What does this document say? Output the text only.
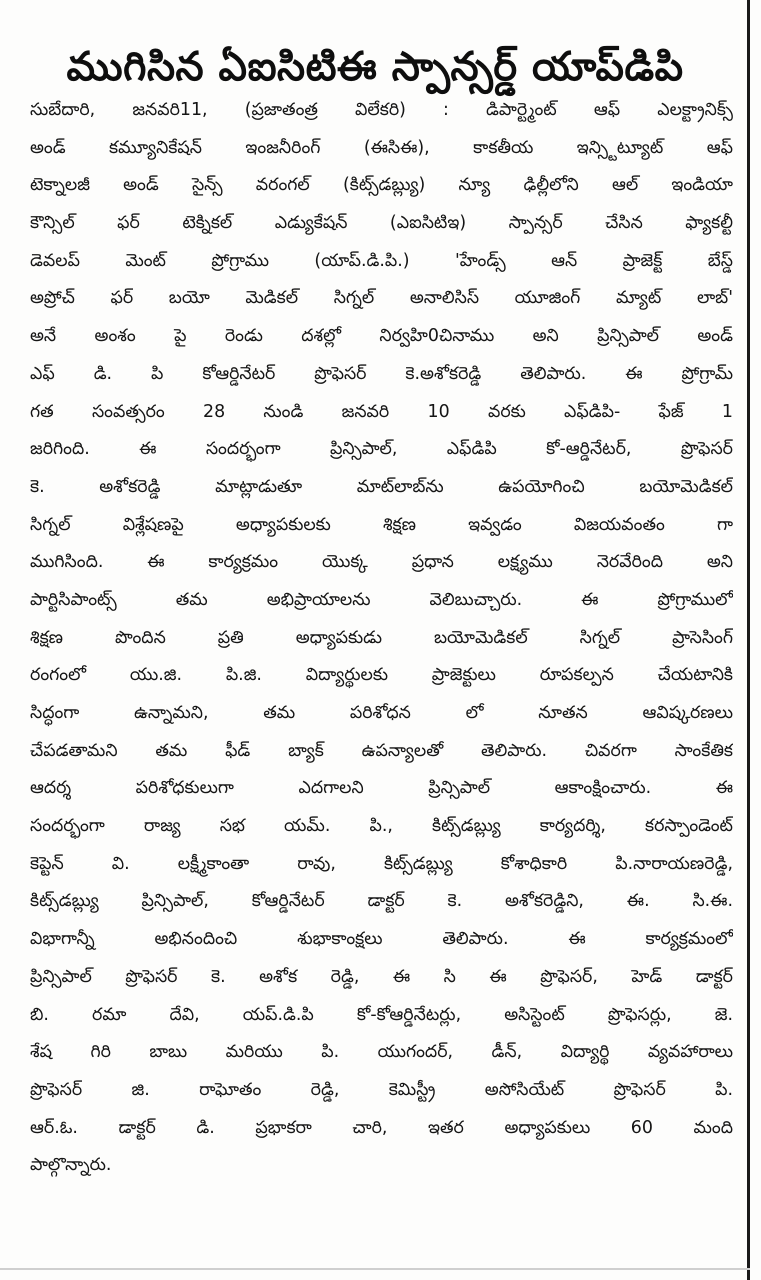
ముగిసిన ఏఐసిటిఈ స్పాన్సర్డ్ యాప్‌డిపి
సుబేదారి, జనవరి11, (ప్రజాతంత్ర విలేకరి) : డిపార్ట్మెంట్ ఆఫ్ ఎలక్ట్రానిక్స్
అండ్ కమ్యూనికేషన్ ఇంజనీరింగ్ (ఈసిఈ), కాకతీయ ఇన్స్టిట్యూట్ ఆఫ్
టెక్నాలజీ అండ్ సైన్స్ వరంగల్ (కిట్స్‌డబ్ల్యు) న్యూ ఢిల్లీలోని ఆల్ ఇండియా
కౌన్సిల్ ఫర్ టెక్నికల్ ఎడ్యుకేషన్ (ఎఐసిటిఇ) స్పాన్సర్ చేసిన ఫ్యాకల్టీ
డెవలప్ మెంట్ ప్రోగ్రాము (యాప్.డి.పి.) 'హేండ్స్ ఆన్ ప్రాజెక్ట్ బేస్డ్
అప్రోచ్ ఫర్ బయో మెడికల్ సిగ్నల్ అనాలిసిస్ యూజింగ్ మ్యాట్ లాబ్'
అనే అంశం పై రెండు దశల్లో నిర్వహి0చినాము అని ప్రిన్సిపాల్ అండ్
ఎఫ్ డి. పి కోఆర్డినేటర్ ప్రొఫెసర్ కె.అశోకరెడ్డి తెలిపారు. ఈ ప్రోగ్రామ్
గత సంవత్సరం 28 నుండి జనవరి 10 వరకు ఎఫ్‌డిపి- ఫేజ్ 1
జరిగింది. ఈ సందర్భంగా ప్రిన్సిపాల్, ఎఫ్‌డిపి కో-ఆర్డినేటర్, ప్రొఫెసర్
కె. అశోకరెడ్డి మాట్లాడుతూ మాట్‌లాబ్‌ను ఉపయోగించి బయోమెడికల్
సిగ్నల్ విశ్లేషణపై అధ్యాపకులకు శిక్షణ ఇవ్వడం విజయవంతం గా
ముగిసింది. ఈ కార్యక్రమం యొక్క ప్రధాన లక్ష్యము నెరవేరింది అని
పార్టిసిపాంట్స్ తమ అభిప్రాయాలను వెలిబుచ్చారు. ఈ ప్రోగ్రాములో
శిక్షణ పొందిన ప్రతి అధ్యాపకుడు బయోమెడికల్ సిగ్నల్ ప్రాసెసింగ్
రంగంలో యు.జి. పి.జి. విద్యార్థులకు ప్రాజెక్టులు రూపకల్పన చేయటానికి
సిద్ధంగా ఉన్నామని, తమ పరిశోధన లో నూతన ఆవిష్కరణలు
చేపడతామని తమ ఫీడ్ బ్యాక్ ఉపన్యాలతో తెలిపారు. చివరగా సాంకేతిక
ఆదర్శ పరిశోధకులుగా ఎదగాలని ప్రిన్సిపాల్ ఆకాంక్షించారు. ఈ
సందర్భంగా రాజ్య సభ యమ్. పి., కిట్స్‌డబ్ల్యు కార్యదర్శి, కరస్పాండెంట్
కెప్టెన్ వి. లక్ష్మీకాంతా రావు, కిట్స్‌డబ్ల్యు కోశాధికారి పి.నారాయణరెడ్డి,
కిట్స్‌డబ్ల్యు ప్రిన్సిపాల్, కోఆర్డినేటర్ డాక్టర్ కె. అశోకరెడ్డిని, ఈ. సి.ఈ.
విభాగాన్నీ అభినందించి శుభాకాంక్షలు తెలిపారు. ఈ కార్యక్రమంలో
ప్రిన్సిపాల్ ప్రొఫెసర్ కె. అశోక రెడ్డి, ఈ సి ఈ ప్రొఫెసర్, హెడ్ డాక్టర్
బి. రమా దేవి, యప్.డి.పి కో-కోఆర్డినేటర్లు, అసిస్టెంట్ ప్రొఫెసర్లు, జె.
శేష గిరి బాబు మరియు పి. యుగందర్, డీన్, విద్యార్థి వ్యవహారాలు
ప్రొఫెసర్ జి. రాఘోతం రెడ్డి, కెమిస్ట్రీ అసోసియేట్ ప్రొఫెసర్ పి.
ఆర్.ఓ. డాక్టర్ డి. ప్రభాకరా చారి, ఇతర అధ్యాపకులు 60 మంది
పాల్గొన్నారు.
